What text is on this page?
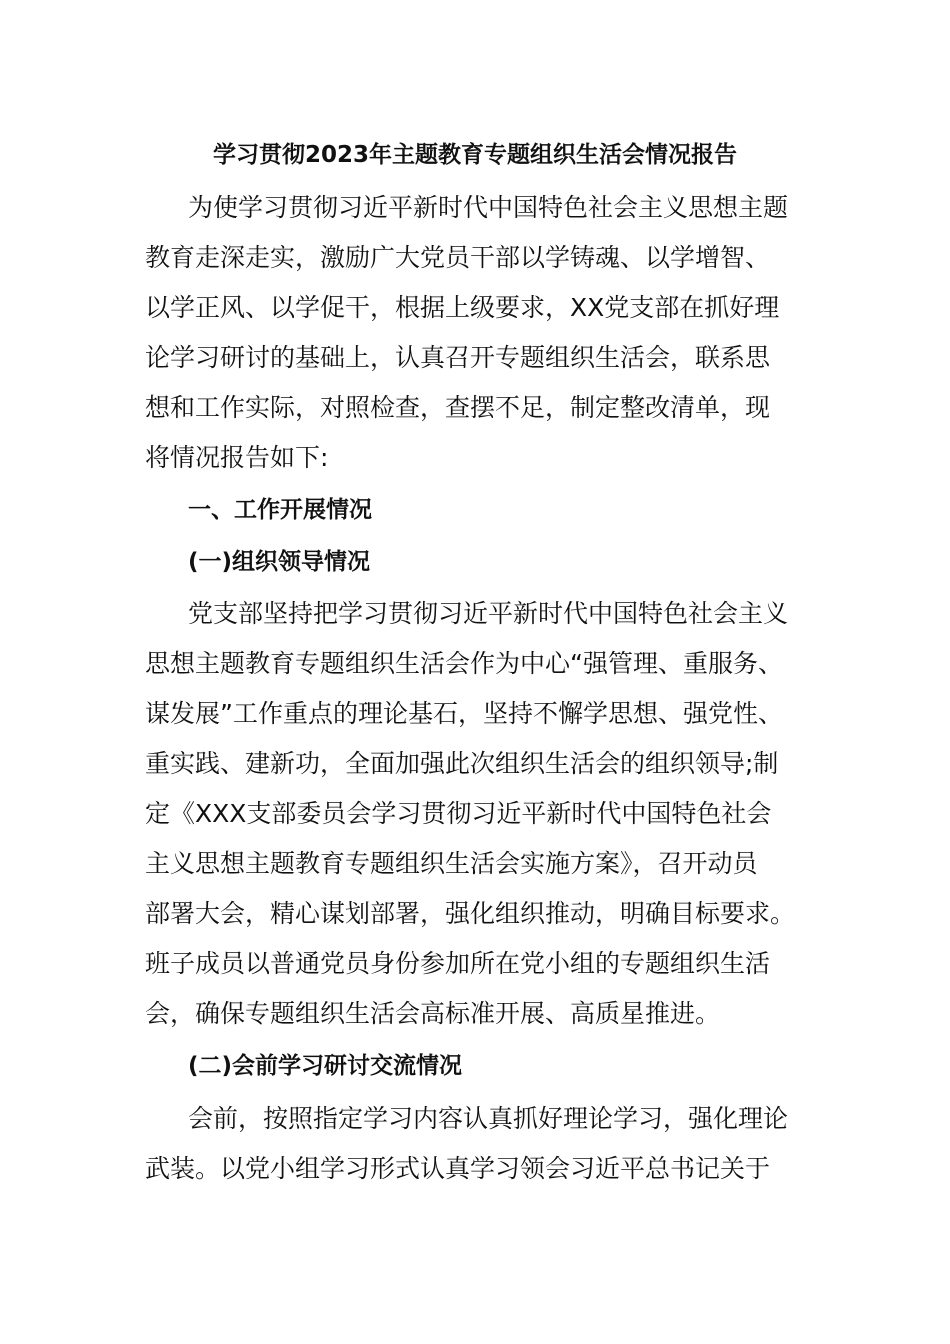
学习贯彻2023年主题教育专题组织生活会情况报告
为使学习贯彻习近平新时代中国特色社会主义思想主题
教育走深走实，激励广大党员干部以学铸魂、以学增智、
以学正风、以学促干，根据上级要求，XX党支部在抓好理
论学习研讨的基础上，认真召开专题组织生活会，联系思
想和工作实际，对照检查，查摆不足，制定整改清单，现
将情况报告如下:
一、工作开展情况
(一)组织领导情况
党支部坚持把学习贯彻习近平新时代中国特色社会主义
思想主题教育专题组织生活会作为中心“强管理、重服务、
谋发展”工作重点的理论基石，坚持不懈学思想、强党性、
重实践、建新功，全面加强此次组织生活会的组织领导;制
定《XXX支部委员会学习贯彻习近平新时代中国特色社会
主义思想主题教育专题组织生活会实施方案》，召开动员
部署大会，精心谋划部署，强化组织推动，明确目标要求。
班子成员以普通党员身份参加所在党小组的专题组织生活
会，确保专题组织生活会高标准开展、高质星推进。
(二)会前学习研讨交流情况
会前，按照指定学习内容认真抓好理论学习，强化理论
武装。以党小组学习形式认真学习领会习近平总书记关于
